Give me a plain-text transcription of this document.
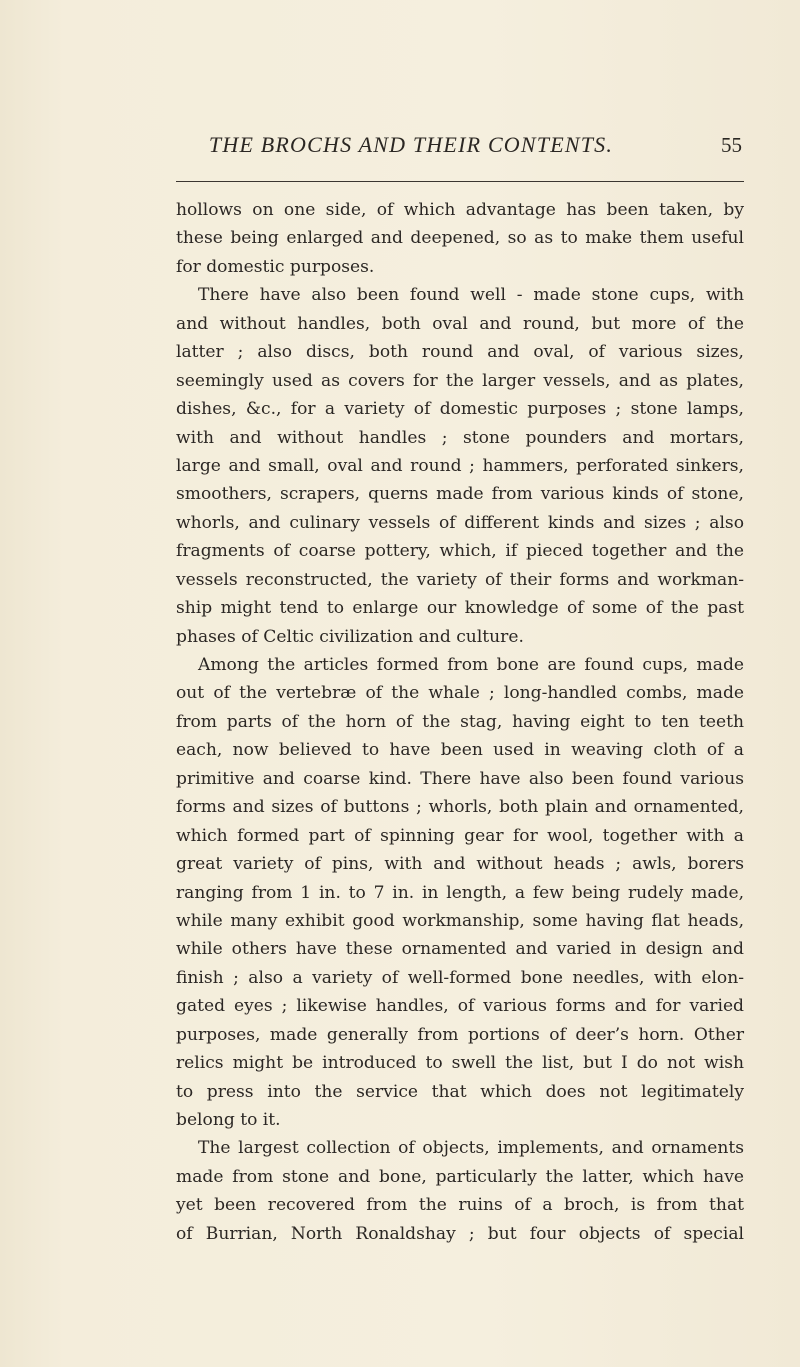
THE BROCHS AND THEIR CONTENTS.	55
hollows on one side, of which advantage has been taken, by
these being enlarged and deepened, so as to make them useful
for domestic purposes.
There have also been found well - made stone cups, with
and without handles, both oval and round, but more of the
latter ; also discs, both round and oval, of various sizes,
seemingly used as covers for the larger vessels, and as plates,
dishes, &c., for a variety of domestic purposes ; stone lamps,
with and without handles ; stone pounders and mortars,
large and small, oval and round ; hammers, perforated sinkers,
smoothers, scrapers, querns made from various kinds of stone,
whorls, and culinary vessels of different kinds and sizes ; also
fragments of coarse pottery, which, if pieced together and the
vessels reconstructed, the variety of their forms and workman-
ship might tend to enlarge our knowledge of some of the past
phases of Celtic civilization and culture.
Among the articles formed from bone are found cups, made
out of the vertebræ of the whale ; long-handled combs, made
from parts of the horn of the stag, having eight to ten teeth
each, now believed to have been used in weaving cloth of a
primitive and coarse kind. There have also been found various
forms and sizes of buttons ; whorls, both plain and ornamented,
which formed part of spinning gear for wool, together with a
great variety of pins, with and without heads ; awls, borers
ranging from 1 in. to 7 in. in length, a few being rudely made,
while many exhibit good workmanship, some having flat heads,
while others have these ornamented and varied in design and
finish ; also a variety of well-formed bone needles, with elon-
gated eyes ; likewise handles, of various forms and for varied
purposes, made generally from portions of deer’s horn. Other
relics might be introduced to swell the list, but I do not wish
to press into the service that which does not legitimately
belong to it.
The largest collection of objects, implements, and ornaments
made from stone and bone, particularly the latter, which have
yet been recovered from the ruins of a broch, is from that
of Burrian, North Ronaldshay ; but four objects of special
